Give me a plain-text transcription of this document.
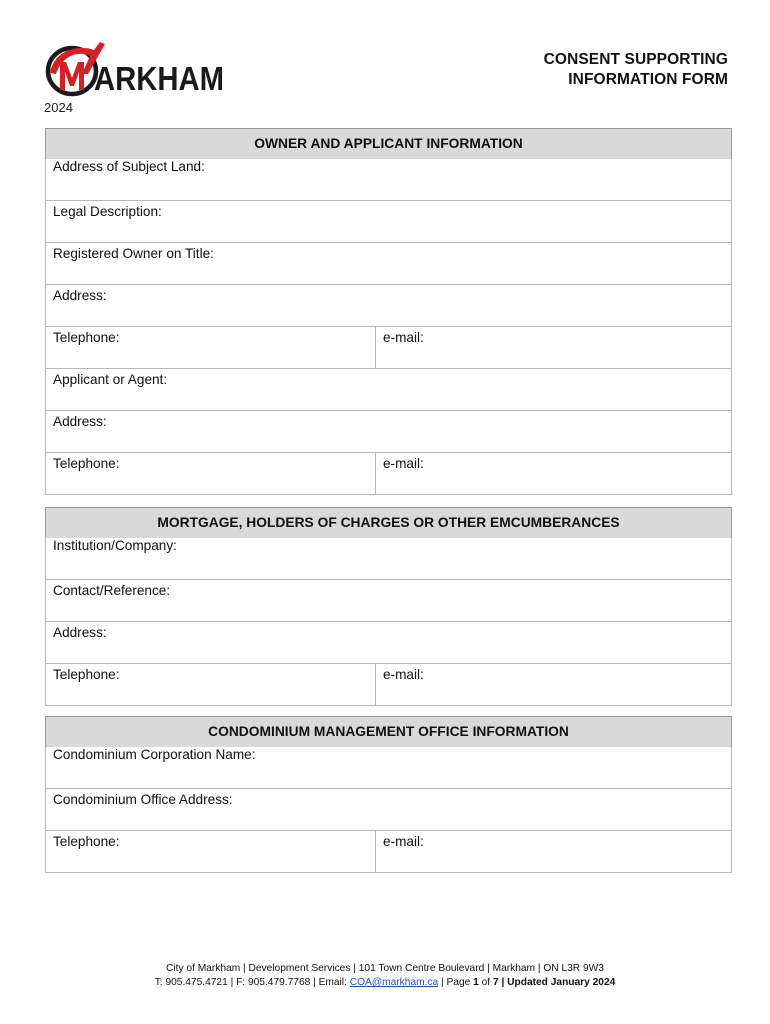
ARKHAM
2024
CONSENT SUPPORTING
INFORMATION FORM
OWNER AND APPLICANT INFORMATION	
Address of Subject Land:	
Legal Description:	
Registered Owner on Title:	
Address:	
Telephone:	e-mail:
Applicant or Agent:	
Address:	
Telephone:	e-mail:
MORTGAGE, HOLDERS OF CHARGES OR OTHER EMCUMBERANCES
Institution/Company:
Contact/Reference:
Address:
Telephone:	e-mail:
CONDOMINIUM MANAGEMENT OFFICE INFORMATION
Condominium Corporation Name:
Condominium Office Address:
Telephone:	e-mail:
City of Markham | Development Services | 101 Town Centre Boulevard | Markham | ON L3R 9W3
T: 905.475.4721 | F: 905.479.7768 | Email: COA@markham.ca | Page 1 of 7 | Updated January 2024
